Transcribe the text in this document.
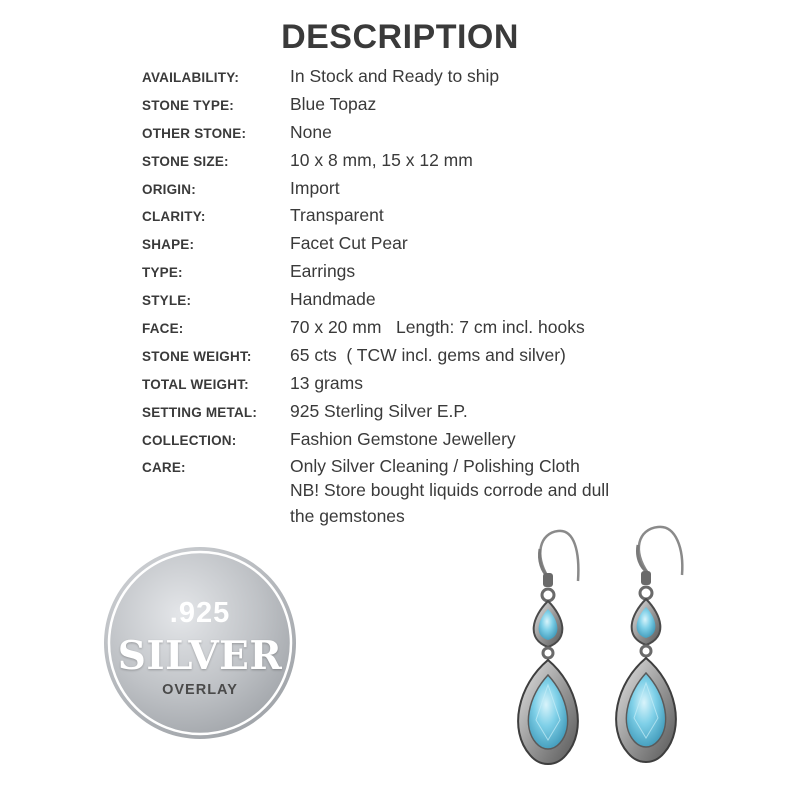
DESCRIPTION
AVAILABILITY:	In Stock and Ready to ship
STONE TYPE:	Blue Topaz
OTHER STONE:	None
STONE SIZE:	10 x 8 mm, 15 x 12 mm
ORIGIN:	Import
CLARITY:	Transparent
SHAPE:	Facet Cut Pear
TYPE:	Earrings
STYLE:	Handmade
FACE:	70 x 20 mm   Length: 7 cm incl. hooks
STONE WEIGHT: 65 cts  ( TCW incl. gems and silver)
TOTAL WEIGHT: 13 grams
SETTING METAL: 925 Sterling Silver E.P.
COLLECTION:	Fashion Gemstone Jewellery
CARE:	Only Silver Cleaning / Polishing Cloth
NB! Store bought liquids corrode and dull
the gemstones
.925
SILVER
OVERLAY
